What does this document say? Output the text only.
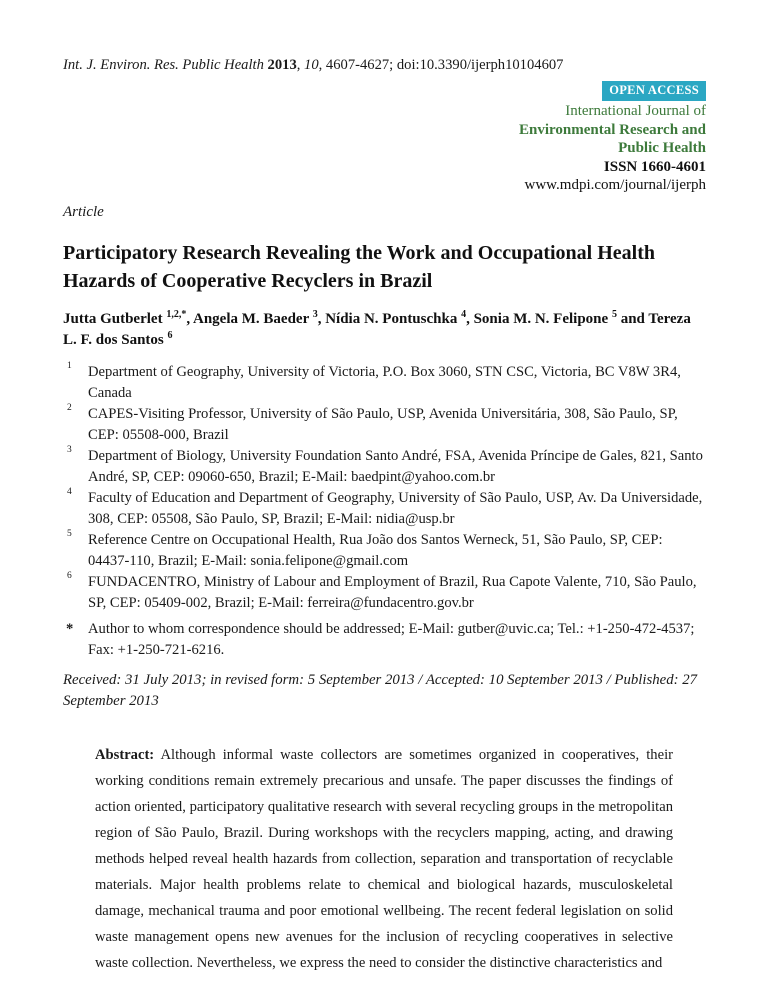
Int. J. Environ. Res. Public Health 2013, 10, 4607-4627; doi:10.3390/ijerph10104607
OPEN ACCESS
International Journal of
Environmental Research and
Public Health
ISSN 1660-4601
www.mdpi.com/journal/ijerph
Article
Participatory Research Revealing the Work and Occupational Health Hazards of Cooperative Recyclers in Brazil
Jutta Gutberlet $^{1,2,*}$, Angela M. Baeder $^3$, Nídia N. Pontuschka $^4$, Sonia M. N. Felipone $^5$ and Tereza L. F. dos Santos $^6$
1 Department of Geography, University of Victoria, P.O. Box 3060, STN CSC, Victoria, BC V8W 3R4, Canada
2 CAPES-Visiting Professor, University of São Paulo, USP, Avenida Universitária, 308, São Paulo, SP, CEP: 05508-000, Brazil
3 Department of Biology, University Foundation Santo André, FSA, Avenida Príncipe de Gales, 821, Santo André, SP, CEP: 09060-650, Brazil; E-Mail: baedpint@yahoo.com.br
4 Faculty of Education and Department of Geography, University of São Paulo, USP, Av. Da Universidade, 308, CEP: 05508, São Paulo, SP, Brazil; E-Mail: nidia@usp.br
5 Reference Centre on Occupational Health, Rua João dos Santos Werneck, 51, São Paulo, SP, CEP: 04437-110, Brazil; E-Mail: sonia.felipone@gmail.com
6 FUNDACENTRO, Ministry of Labour and Employment of Brazil, Rua Capote Valente, 710, São Paulo, SP, CEP: 05409-002, Brazil; E-Mail: ferreira@fundacentro.gov.br
* Author to whom correspondence should be addressed; E-Mail: gutber@uvic.ca; Tel.: +1-250-472-4537; Fax: +1-250-721-6216.
Received: 31 July 2013; in revised form: 5 September 2013 / Accepted: 10 September 2013 / Published: 27 September 2013
Abstract: Although informal waste collectors are sometimes organized in cooperatives, their working conditions remain extremely precarious and unsafe. The paper discusses the findings of action oriented, participatory qualitative research with several recycling groups in the metropolitan region of São Paulo, Brazil. During workshops with the recyclers mapping, acting, and drawing methods helped reveal health hazards from collection, separation and transportation of recyclable materials. Major health problems relate to chemical and biological hazards, musculoskeletal damage, mechanical trauma and poor emotional wellbeing. The recent federal legislation on solid waste management opens new avenues for the inclusion of recycling cooperatives in selective waste collection. Nevertheless, we express the need to consider the distinctive characteristics and
